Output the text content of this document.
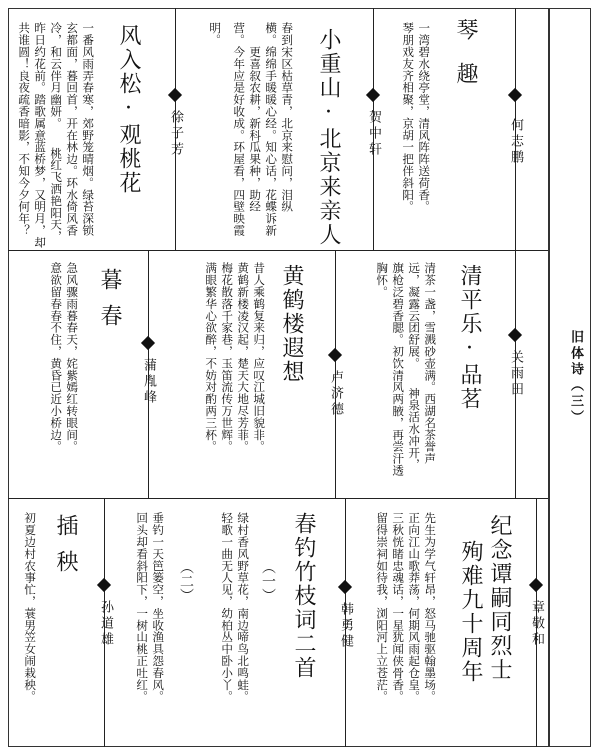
旧体诗（三）
琴趣
何志鹏
一湾碧水绕亭堂，清风阵阵送荷香。
琴朋戏友齐相聚，京胡一把伴斜阳。
小重山·北京来亲人 贺中轩
春到宋区枯草青，北京来慰问，泪纵
横。绵绵手暖暖心经。知心话，花蝶诉新
　　更喜叙农耕，新科瓜果种，助经
营。今年应是好收成。环屋看，四壁映霞
明。
风入松·观桃花 徐子芳
一番风雨弄春寒，郊野笼晴烟。绿苔深锁
玄都面，暮回首，开在林边。环水倚风香
冷，和云伴月幽妍。　　桃红飞洒艳阳天，
昨日约花前。踏歌属意蓝桥梦，又明月，却
共谁圆！良夜疏香暗影，不知今夕何年？
清平乐·品茗 关雨田
清茶一盏，雪溅砂壶满。西湖名茶誉声
远，凝露云团舒展。　　神泉活水冲开，
旗枪泛碧香腮。初饮清风两腋，再尝汗透
胸怀。
黄鹤楼遐想
卢济德
昔人乘鹤复来归，应叹江城旧貌非。
黄鹤新楼凌汉起，楚天大地尽芳菲。
梅花散落千家巷，玉笛流传万世辉。
满眼繁华心欲醉，不妨对酌两三杯。
暮春
蒲胤峰
急风骤雨暮春天，姹紫嫣红转眼间。
意欲留春春不住，黄昏已近小桥边。
纪念谭嗣同烈士
殉难九十周年	章敬和
先生为学气轩昂，怒马驰驱翰墨场。
正向江山歌莽荡，何期风雨起仓皇。
三秋恍睹忠魂话，一星犹闻侠骨香。
留得崇祠如待我，浏阳河上立苍茫。
春钓竹枝词二首 韩勇健
（一）
绿村香风野草花，南边啼鸟北鸣蛙。
轻歌一曲无人见，幼柏丛中卧小丫。
（二）
垂钓一天笆篓空，坐收渔具怨春风。
回头却看斜阳下，一树山桃正吐红。
插秧
孙道雄
初夏边村农事忙，蓑男笠女闹栽秧。
